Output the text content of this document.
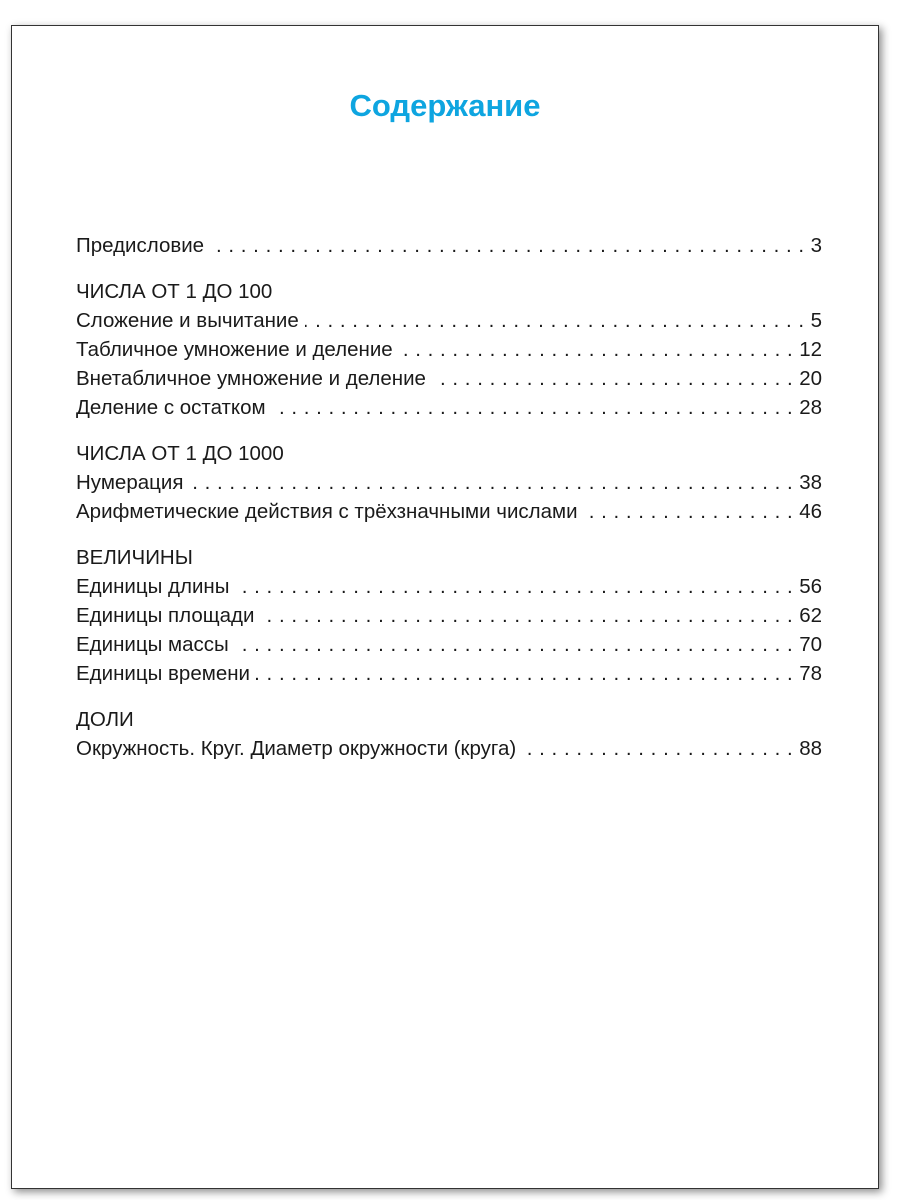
Содержание
Предисловие . . .	3
ЧИСЛА ОТ 1 ДО 100
Сложение и вычитание . . .	5
Табличное умножение и деление . . .	12
Внетабличное умножение и деление . . .	20
Деление с остатком . . .	28
ЧИСЛА ОТ 1 ДО 1000
Нумерация . . .	38
Арифметические действия с трёхзначными числами . . .	46
ВЕЛИЧИНЫ
Единицы длины . . .	56
Единицы площади . . .	62
Единицы массы . . .	70
Единицы времени . . .	78
ДОЛИ
Окружность. Круг. Диаметр окружности (круга) . . .	88
